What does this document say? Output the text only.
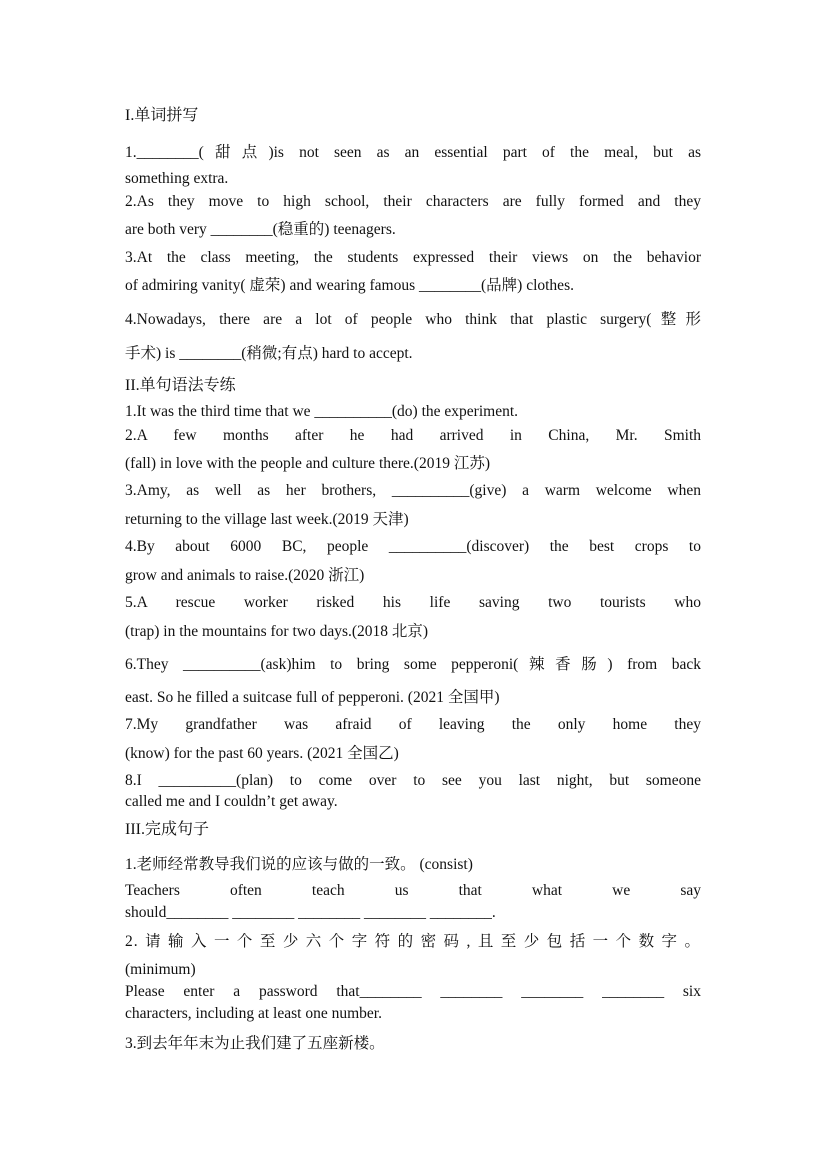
I.单词拼写
1.________(甜点)is not seen as an essential part of the meal, but as
something extra.
2.As they move to high school, their characters are fully formed and they
are both very ________(稳重的) teenagers.
3.At the class meeting, the students expressed their views on the behavior
of admiring vanity( 虚荣) and wearing famous ________(品牌) clothes.
4.Nowadays, there are a lot of people who think that plastic surgery(整形
手术) is ________(稍微;有点) hard to accept.
II.单句语法专练
1.It was the third time that we __________(do) the experiment.
2.A few months after he had arrived in China, Mr. Smith
(fall) in love with the people and culture there.(2019 江苏)
3.Amy, as well as her brothers, __________(give) a warm welcome when
returning to the village last week.(2019 天津)
4.By about 6000 BC, people __________(discover) the best crops to
grow and animals to raise.(2020 浙江)
5.A rescue worker risked his life saving two tourists who
(trap) in the mountains for two days.(2018 北京)
6.They __________(ask)him to bring some pepperoni(辣香肠) from back
east. So he filled a suitcase full of pepperoni. (2021 全国甲)
7.My grandfather was afraid of leaving the only home they
(know) for the past 60 years. (2021 全国乙)
8.I __________(plan) to come over to see you last night, but someone
called me and I couldn’t get away.
III.完成句子
1.老师经常教导我们说的应该与做的一致。 (consist)
Teachers often teach us that what we say
should________ ________ ________ ________ ________.
2.请输入一个至少六个字符的密码,且至少包括一个数字。
(minimum)
Please enter a password that________ ________ ________ ________ six
characters, including at least one number.
3.到去年年末为止我们建了五座新楼。
